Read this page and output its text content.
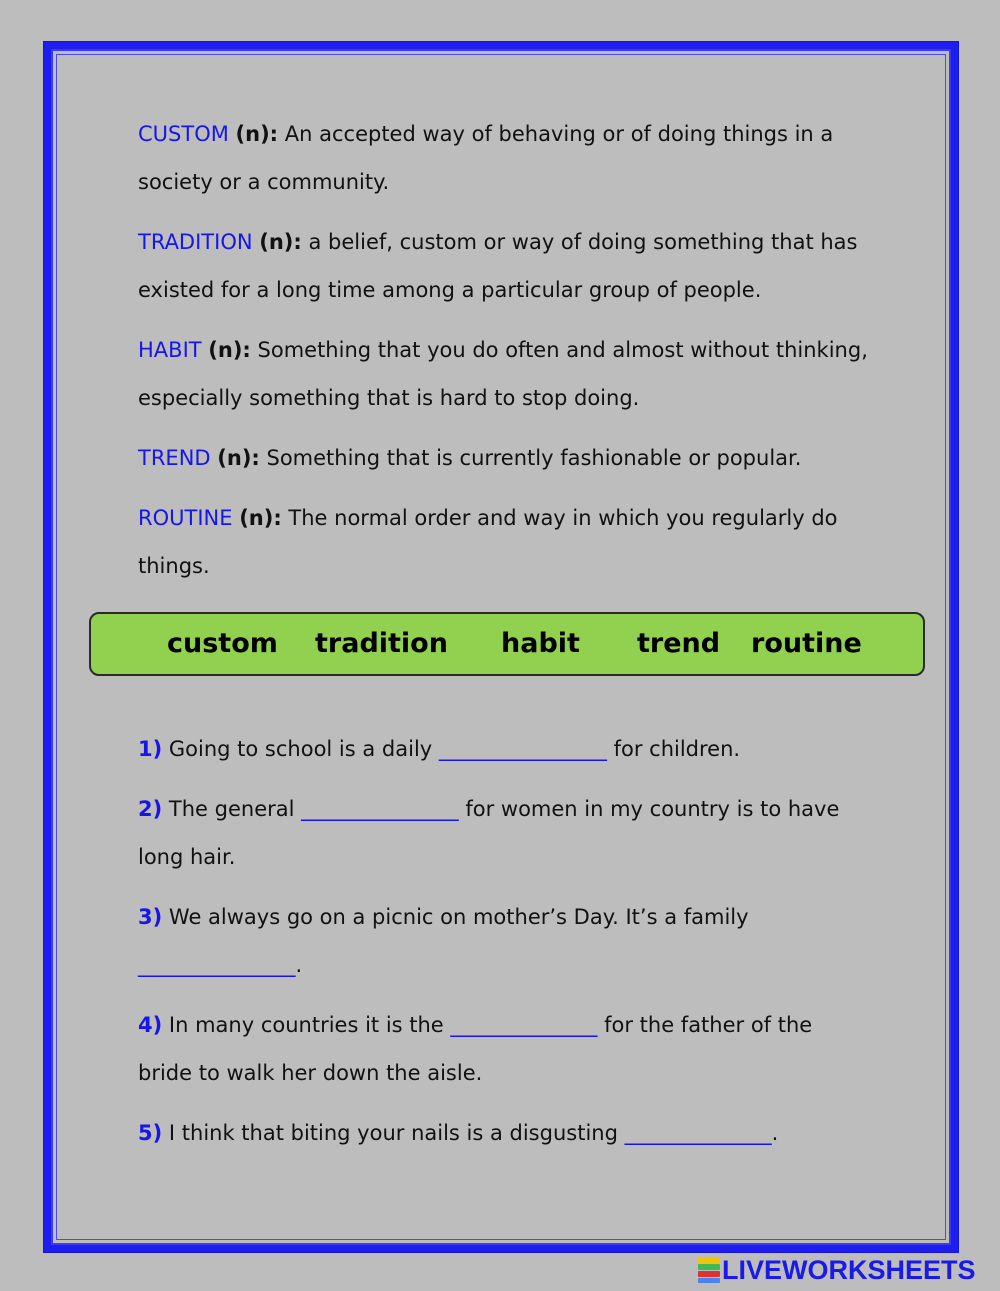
CUSTOM (n): An accepted way of behaving or of doing things in a society or a community.
TRADITION (n): a belief, custom or way of doing something that has existed for a long time among a particular group of people.
HABIT (n): Something that you do often and almost without thinking, especially something that is hard to stop doing.
TREND (n): Something that is currently fashionable or popular.
ROUTINE (n): The normal order and way in which you regularly do things.
custom tradition habit trend routine
1) Going to school is a daily ________________ for children.
2) The general _______________ for women in my country is to have long hair.
3) We always go on a picnic on mother’s Day. It’s a family
_______________.
4) In many countries it is the ______________ for the father of the bride to walk her down the aisle.
5) I think that biting your nails is a disgusting ______________.
LIVEWORKSHEETS
